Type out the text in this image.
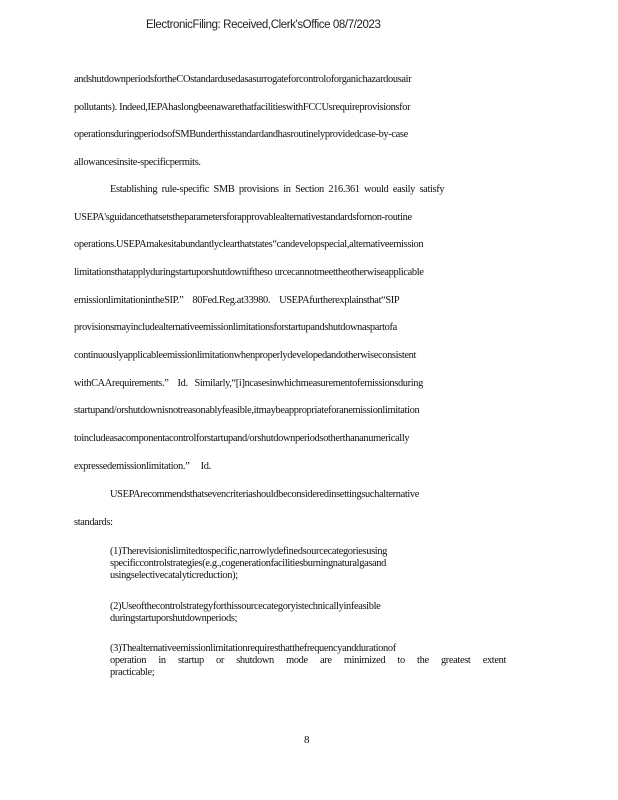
ElectronicFiling: Received,Clerk'sOffice 08/7/2023
andshutdownperiodsfortheCOstandardusedasasurrogateforcontroloforganichazardousair
pollutants). Indeed,IEPAhaslongbeenawarethatfacilitieswithFCCUsrequireprovisionsfor
operationsduringperiodsofSMBunderthisstandardandhasroutinelyprovidedcase-by-case
allowancesinsite-specificpermits.
Establishing  rule-specific  SMB  provisions  in  Section  216.361  would  easily  satisfy
USEPA'sguidancethatsetstheparametersforapprovablealternativestandardsfornon-routine
operations.USEPAmakesitabundantlyclearthatstates“candevelopspecial,alternativeemission
limitationsthatapplyduringstartuporshutdowniftheso urcecannotmeettheotherwiseapplicable
emissionlimitationintheSIP.”    80Fed.Reg.at33980.    USEPAfurtherexplainsthat“SIP
provisionsmayincludealternativeemissionlimitationsforstartupandshutdownaspartofa
continuouslyapplicableemissionlimitationwhenproperlydevelopedandotherwiseconsistent
withCAArequirements.”    Id.   Similarly,“[i]ncasesinwhichmeasurementofemissionsduring
startupand/orshutdownisnotreasonablyfeasible,itmaybeappropriateforanemissionlimitation
toincludeasacomponentacontrolforstartupand/orshutdownperiodsotherthananumerically
expressedemissionlimitation.”     Id.
USEPArecommendsthatsevencriteriashouldbeconsideredinsettingsuchalternative
standards:
(1)Therevisionislimitedtospecific,narrowlydefinedsourcecategoriesusing
specificcontrolstrategies(e.g.,cogenerationfacilitiesburningnaturalgasand
usingselectivecatalyticreduction);
(2)Useofthecontrolstrategyforthissourcecategoryistechnicallyinfeasible
duringstartuporshutdownperiods;
(3)Thealternativeemissionlimitationrequiresthatthefrequencyanddurationof
operation in startup or shutdown mode are minimized to the greatest extent
practicable;
8
